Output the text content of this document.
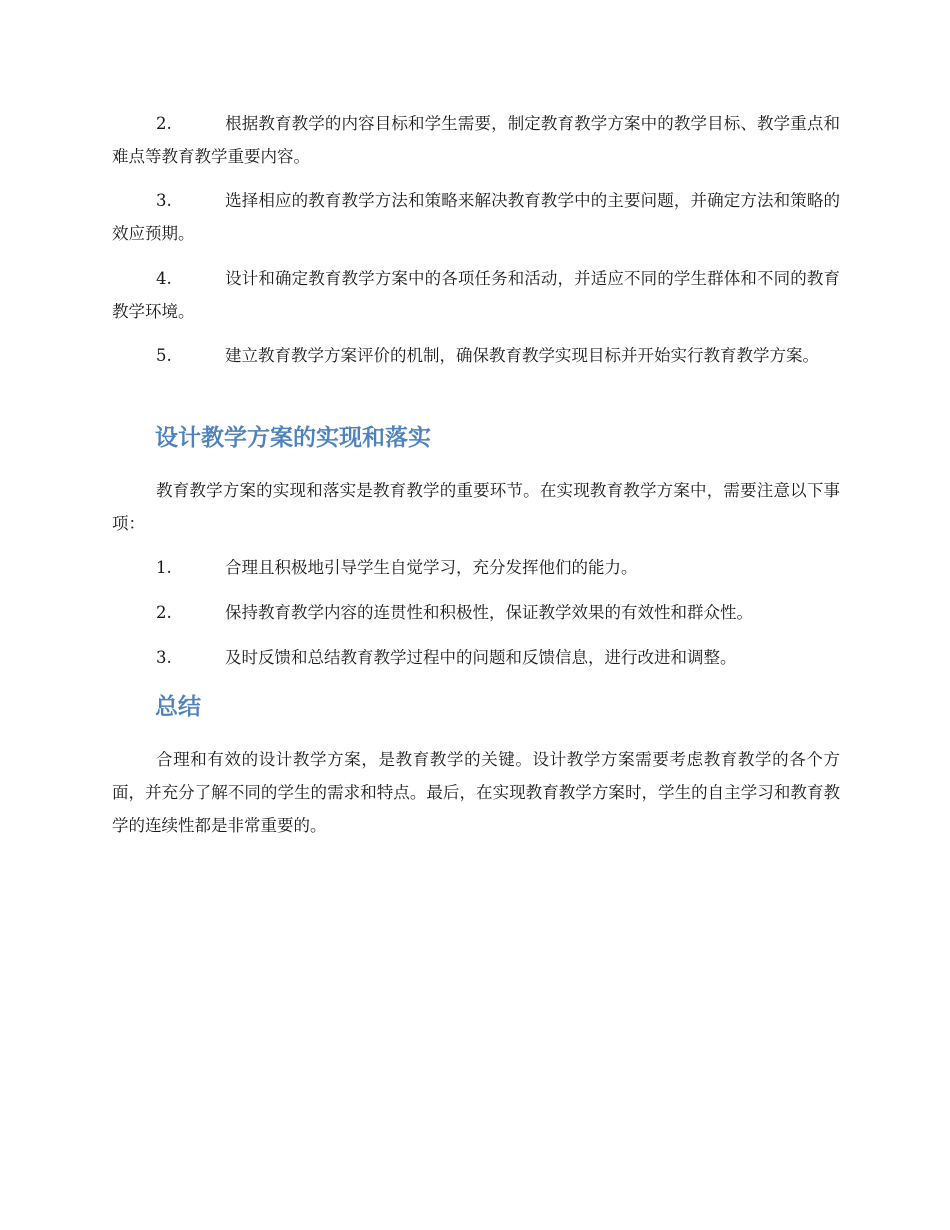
2.	根据教育教学的内容目标和学生需要，制定教育教学方案中的教学目标、教学重点和难点等教育教学重要内容。
3.	选择相应的教育教学方法和策略来解决教育教学中的主要问题，并确定方法和策略的效应预期。
4.	设计和确定教育教学方案中的各项任务和活动，并适应不同的学生群体和不同的教育教学环境。
5.	建立教育教学方案评价的机制，确保教育教学实现目标并开始实行教育教学方案。
设计教学方案的实现和落实
教育教学方案的实现和落实是教育教学的重要环节。在实现教育教学方案中，需要注意以下事项：
1.	合理且积极地引导学生自觉学习，充分发挥他们的能力。
2.	保持教育教学内容的连贯性和积极性，保证教学效果的有效性和群众性。
3.	及时反馈和总结教育教学过程中的问题和反馈信息，进行改进和调整。
总结
合理和有效的设计教学方案，是教育教学的关键。设计教学方案需要考虑教育教学的各个方面，并充分了解不同的学生的需求和特点。最后，在实现教育教学方案时，学生的自主学习和教育教学的连续性都是非常重要的。
